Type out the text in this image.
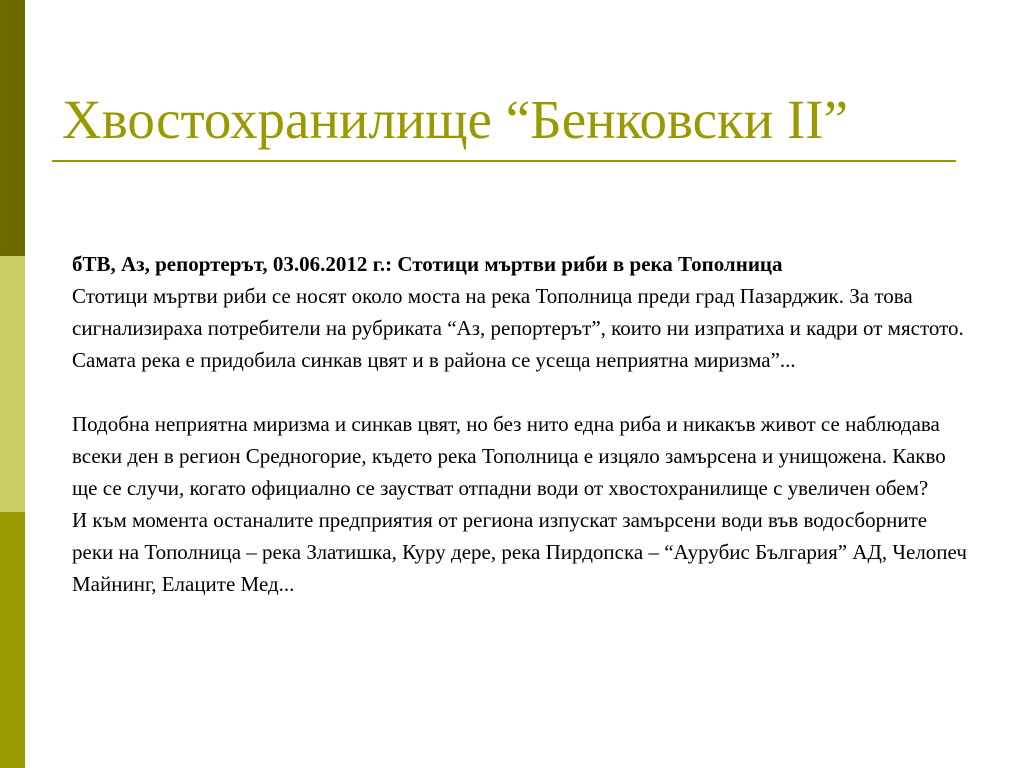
Хвостохранилище “Бенковски II”

бТВ, Аз, репортерът, 03.06.2012 г.: Стотици мъртви риби в река Тополница

Стотици мъртви риби се носят около моста на река Тополница преди град Пазарджик. За това сигнализираха потребители на рубриката “Аз, репортерът”, които ни изпратиха и кадри от мястото.

Самата река е придобила синкав цвят и в района се усеща неприятна миризма”...

Подобна неприятна миризма и синкав цвят, но без нито една риба и никакъв живот се наблюдава всеки ден в регион Средногорие, където река Тополница е изцяло замърсена и унищожена. Какво ще се случи, когато официално се заустват отпадни води от хвостохранилище с увеличен обем?

И към момента останалите предприятия от региона изпускат замърсени води във водосборните реки на Тополница – река Златишка, Куру дере, река Пирдопска – “Аурубис България” АД, Челопеч Майнинг, Елаците Мед...
